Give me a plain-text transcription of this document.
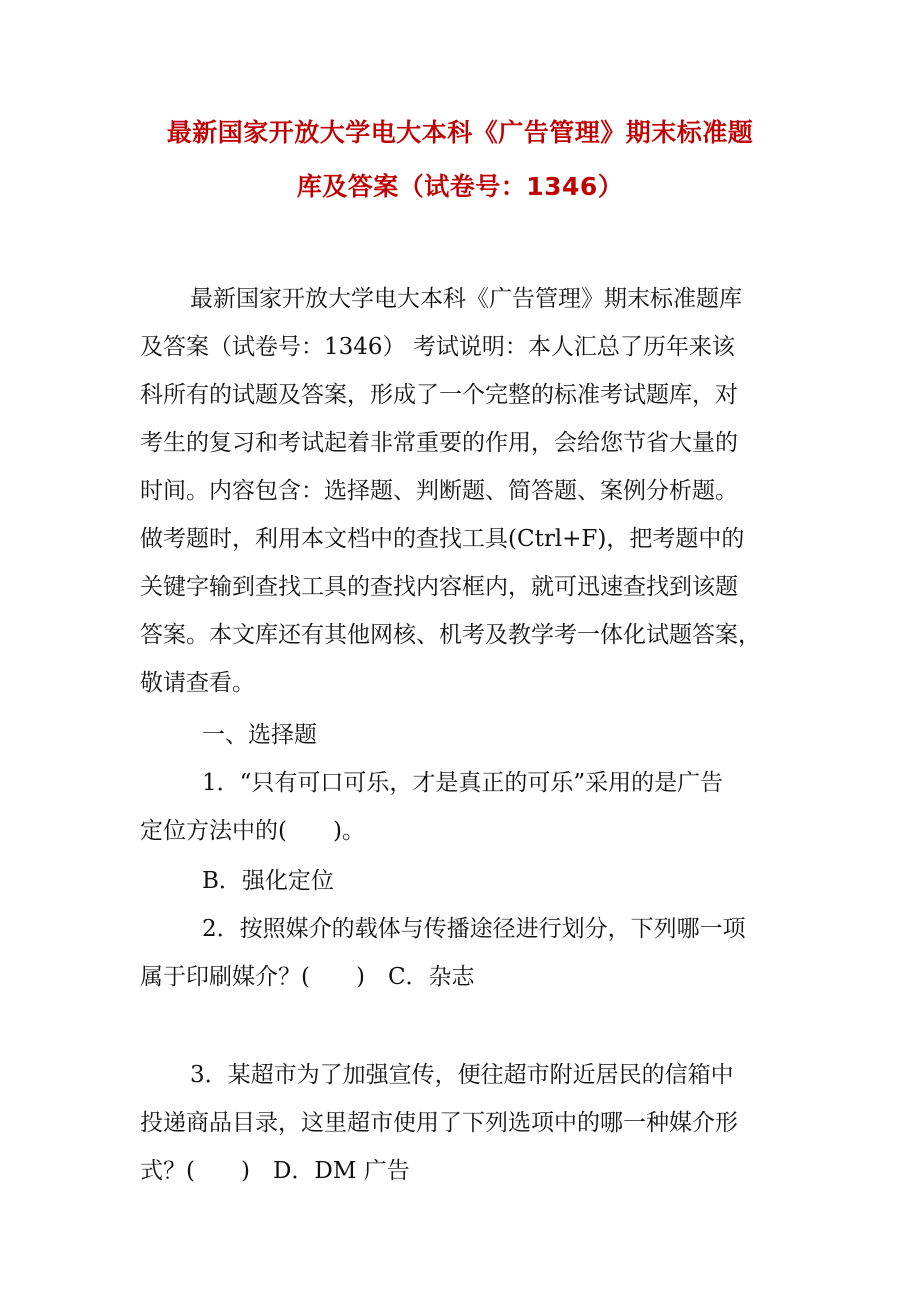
最新国家开放大学电大本科《广告管理》期末标准题
库及答案（试卷号：1346）
最新国家开放大学电大本科《广告管理》期末标准题库
及答案（试卷号：1346） 考试说明：本人汇总了历年来该
科所有的试题及答案，形成了一个完整的标准考试题库，对
考生的复习和考试起着非常重要的作用，会给您节省大量的
时间。内容包含：选择题、判断题、简答题、案例分析题。
做考题时，利用本文档中的查找工具(Ctrl+F)，把考题中的
关键字输到查找工具的查找内容框内，就可迅速查找到该题
答案。本文库还有其他网核、机考及教学考一体化试题答案，
敬请查看。
一、选择题
1．“只有可口可乐，才是真正的可乐”采用的是广告
定位方法中的(　　)。
B．强化定位
2．按照媒介的载体与传播途径进行划分，下列哪一项
属于印刷媒介？(　　)　C．杂志
3．某超市为了加强宣传，便往超市附近居民的信箱中
投递商品目录，这里超市使用了下列选项中的哪一种媒介形
式？(　　)　D．DM 广告
